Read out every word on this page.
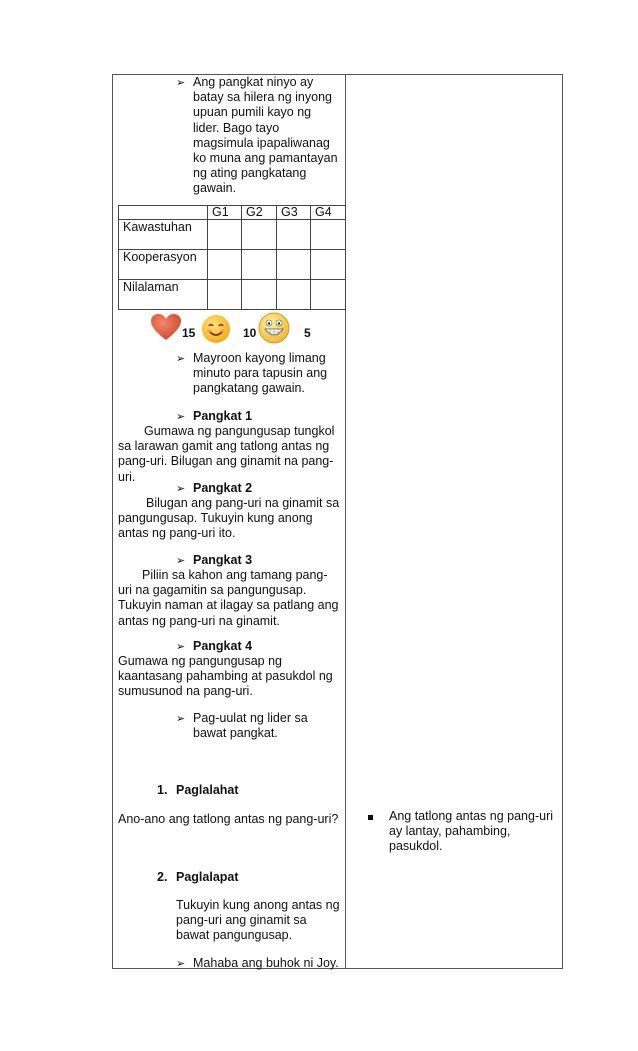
➢ Ang pangkat ninyo ay
batay sa hilera ng inyong
upuan pumili kayo ng
lider. Bago tayo
magsimula ipapaliwanag
ko muna ang pamantayan
ng ating pangkatang
gawain.
	G1	G2	G3	G4
Kawastuhan				
Kooperasyon				
Nilalaman				
15	10	5
➢ Mayroon kayong limang
minuto para tapusin ang
pangkatang gawain.
➢ Pangkat 1
Gumawa ng pangungusap tungkol
sa larawan gamit ang tatlong antas ng
pang-uri. Bilugan ang ginamit na pang-
uri.
➢ Pangkat 2
Bilugan ang pang-uri na ginamit sa
pangungusap. Tukuyin kung anong
antas ng pang-uri ito.
➢ Pangkat 3
Piliin sa kahon ang tamang pang-
uri na gagamitin sa pangungusap.
Tukuyin naman at ilagay sa patlang ang
antas ng pang-uri na ginamit.
➢ Pangkat 4
Gumawa ng pangungusap ng
kaantasang pahambing at pasukdol ng
sumusunod na pang-uri.
➢ Pag-uulat ng lider sa
bawat pangkat.
1. Paglalahat
Ano-ano ang tatlong antas ng pang-uri?	Ang tatlong antas ng pang-uri
ay lantay, pahambing,
pasukdol.
2. Paglalapat
Tukuyin kung anong antas ng
pang-uri ang ginamit sa
bawat pangungusap.
➢ Mahaba ang buhok ni Joy.
